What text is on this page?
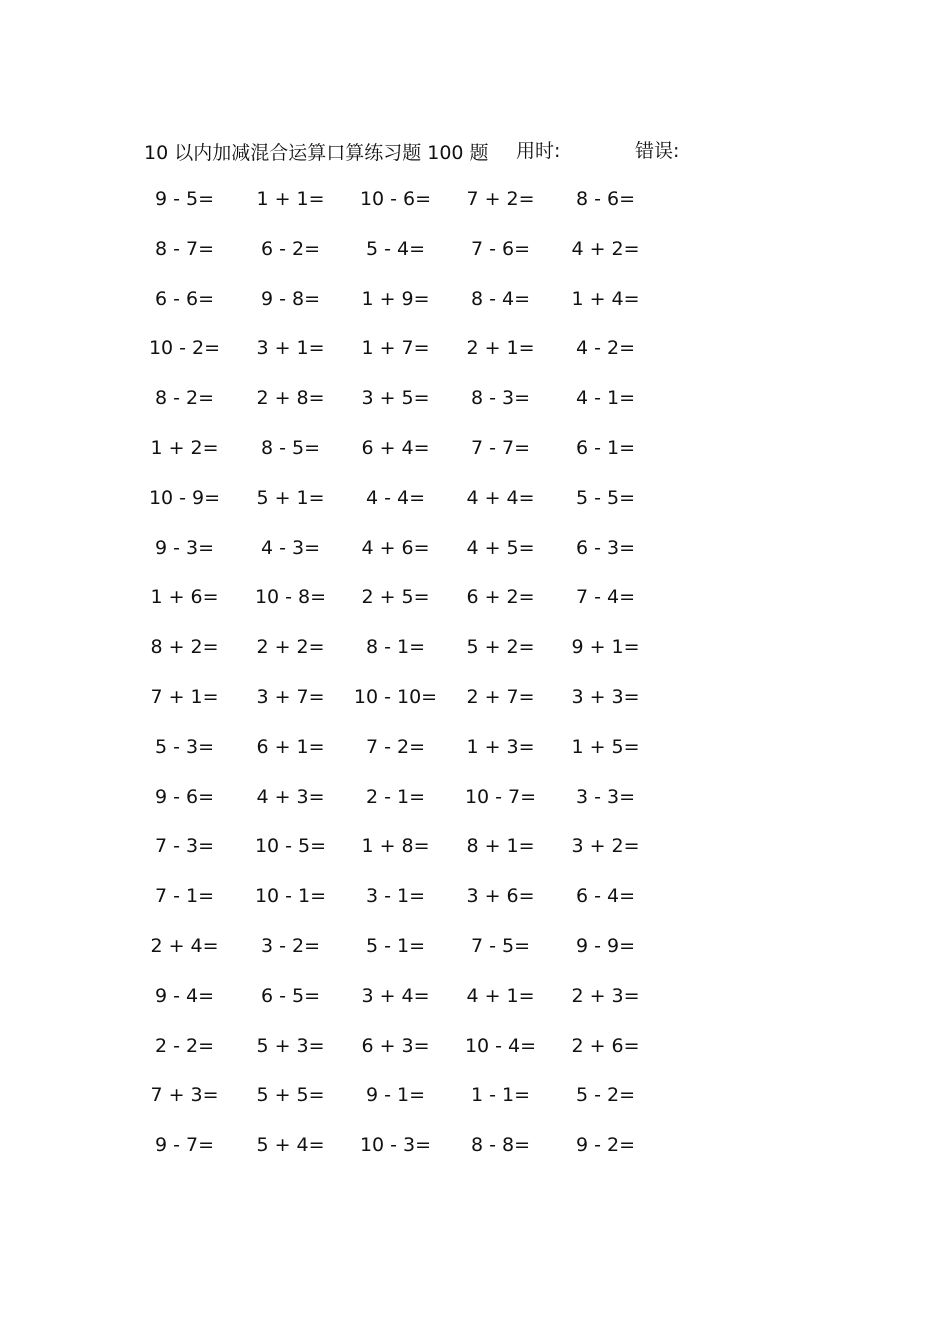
10 以内加减混合运算口算练习题 100 题 用时:	错误:
9 - 5=	1 + 1=	10 - 6=	7 + 2=	8 - 6=
8 - 7=	6 - 2=	5 - 4=	7 - 6=	4 + 2=
6 - 6=	9 - 8=	1 + 9=	8 - 4=	1 + 4=
10 - 2=	3 + 1=	1 + 7=	2 + 1=	4 - 2=
8 - 2=	2 + 8=	3 + 5=	8 - 3=	4 - 1=
1 + 2=	8 - 5=	6 + 4=	7 - 7=	6 - 1=
10 - 9=	5 + 1=	4 - 4=	4 + 4=	5 - 5=
9 - 3=	4 - 3=	4 + 6=	4 + 5=	6 - 3=
1 + 6=	10 - 8=	2 + 5=	6 + 2=	7 - 4=
8 + 2=	2 + 2=	8 - 1=	5 + 2=	9 + 1=
7 + 1=	3 + 7=	10 - 10=	2 + 7=	3 + 3=
5 - 3=	6 + 1=	7 - 2=	1 + 3=	1 + 5=
9 - 6=	4 + 3=	2 - 1=	10 - 7=	3 - 3=
7 - 3=	10 - 5=	1 + 8=	8 + 1=	3 + 2=
7 - 1=	10 - 1=	3 - 1=	3 + 6=	6 - 4=
2 + 4=	3 - 2=	5 - 1=	7 - 5=	9 - 9=
9 - 4=	6 - 5=	3 + 4=	4 + 1=	2 + 3=
2 - 2=	5 + 3=	6 + 3=	10 - 4=	2 + 6=
7 + 3=	5 + 5=	9 - 1=	1 - 1=	5 - 2=
9 - 7=	5 + 4=	10 - 3=	8 - 8=	9 - 2=
